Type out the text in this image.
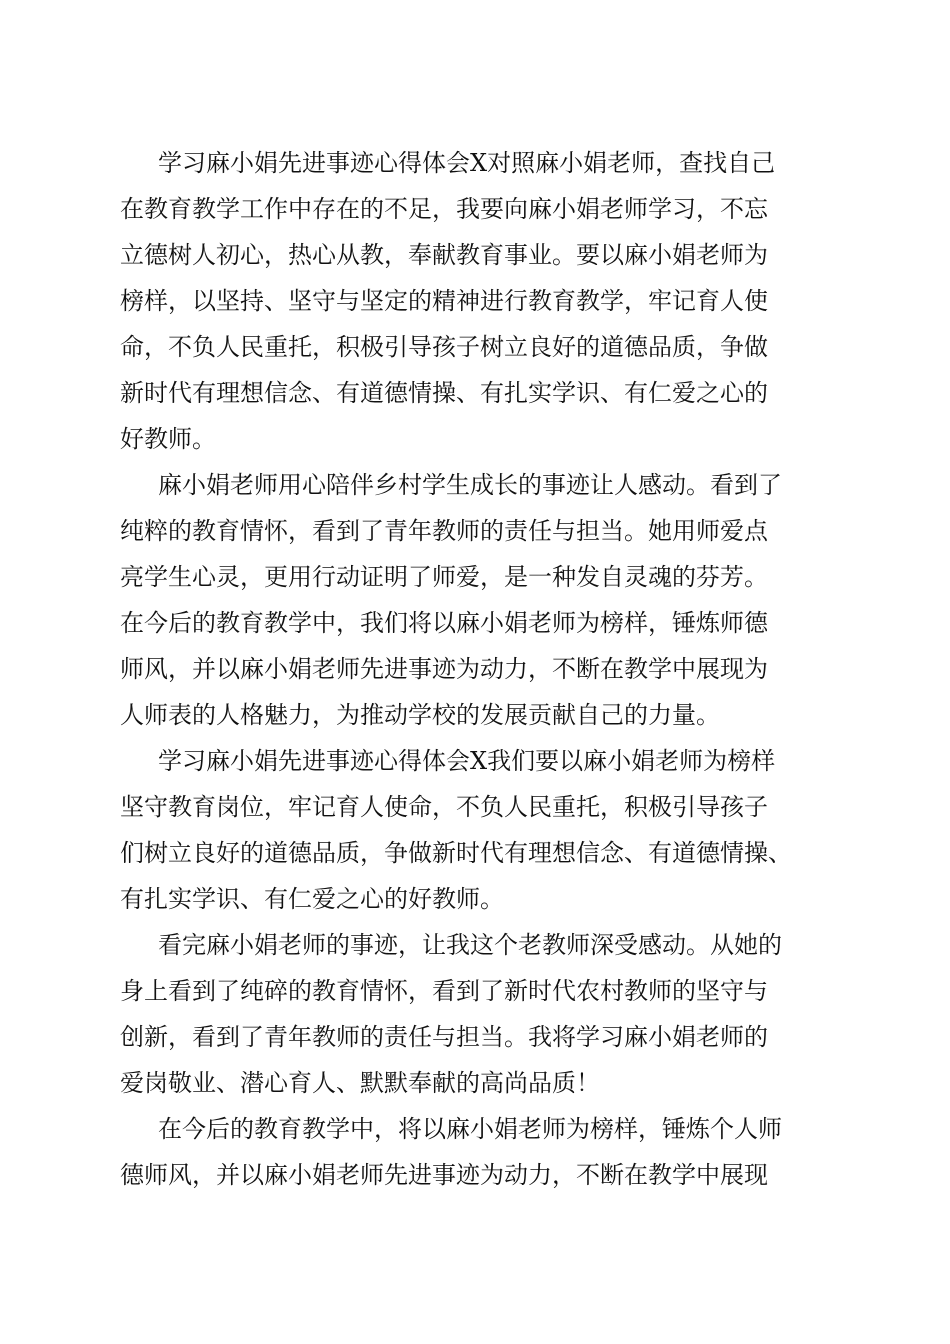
学习麻小娟先进事迹心得体会X对照麻小娟老师，查找自己
在教育教学工作中存在的不足，我要向麻小娟老师学习，不忘
立德树人初心，热心从教，奉献教育事业。要以麻小娟老师为
榜样，以坚持、坚守与坚定的精神进行教育教学，牢记育人使
命，不负人民重托，积极引导孩子树立良好的道德品质，争做
新时代有理想信念、有道德情操、有扎实学识、有仁爱之心的
好教师。
麻小娟老师用心陪伴乡村学生成长的事迹让人感动。看到了
纯粹的教育情怀，看到了青年教师的责任与担当。她用师爱点
亮学生心灵，更用行动证明了师爱，是一种发自灵魂的芬芳。
在今后的教育教学中，我们将以麻小娟老师为榜样，锤炼师德
师风，并以麻小娟老师先进事迹为动力，不断在教学中展现为
人师表的人格魅力，为推动学校的发展贡献自己的力量。
学习麻小娟先进事迹心得体会X我们要以麻小娟老师为榜样
坚守教育岗位，牢记育人使命，不负人民重托，积极引导孩子
们树立良好的道德品质，争做新时代有理想信念、有道德情操、
有扎实学识、有仁爱之心的好教师。
看完麻小娟老师的事迹，让我这个老教师深受感动。从她的
身上看到了纯碎的教育情怀，看到了新时代农村教师的坚守与
创新，看到了青年教师的责任与担当。我将学习麻小娟老师的
爱岗敬业、潜心育人、默默奉献的高尚品质！
在今后的教育教学中，将以麻小娟老师为榜样，锤炼个人师
德师风，并以麻小娟老师先进事迹为动力，不断在教学中展现
